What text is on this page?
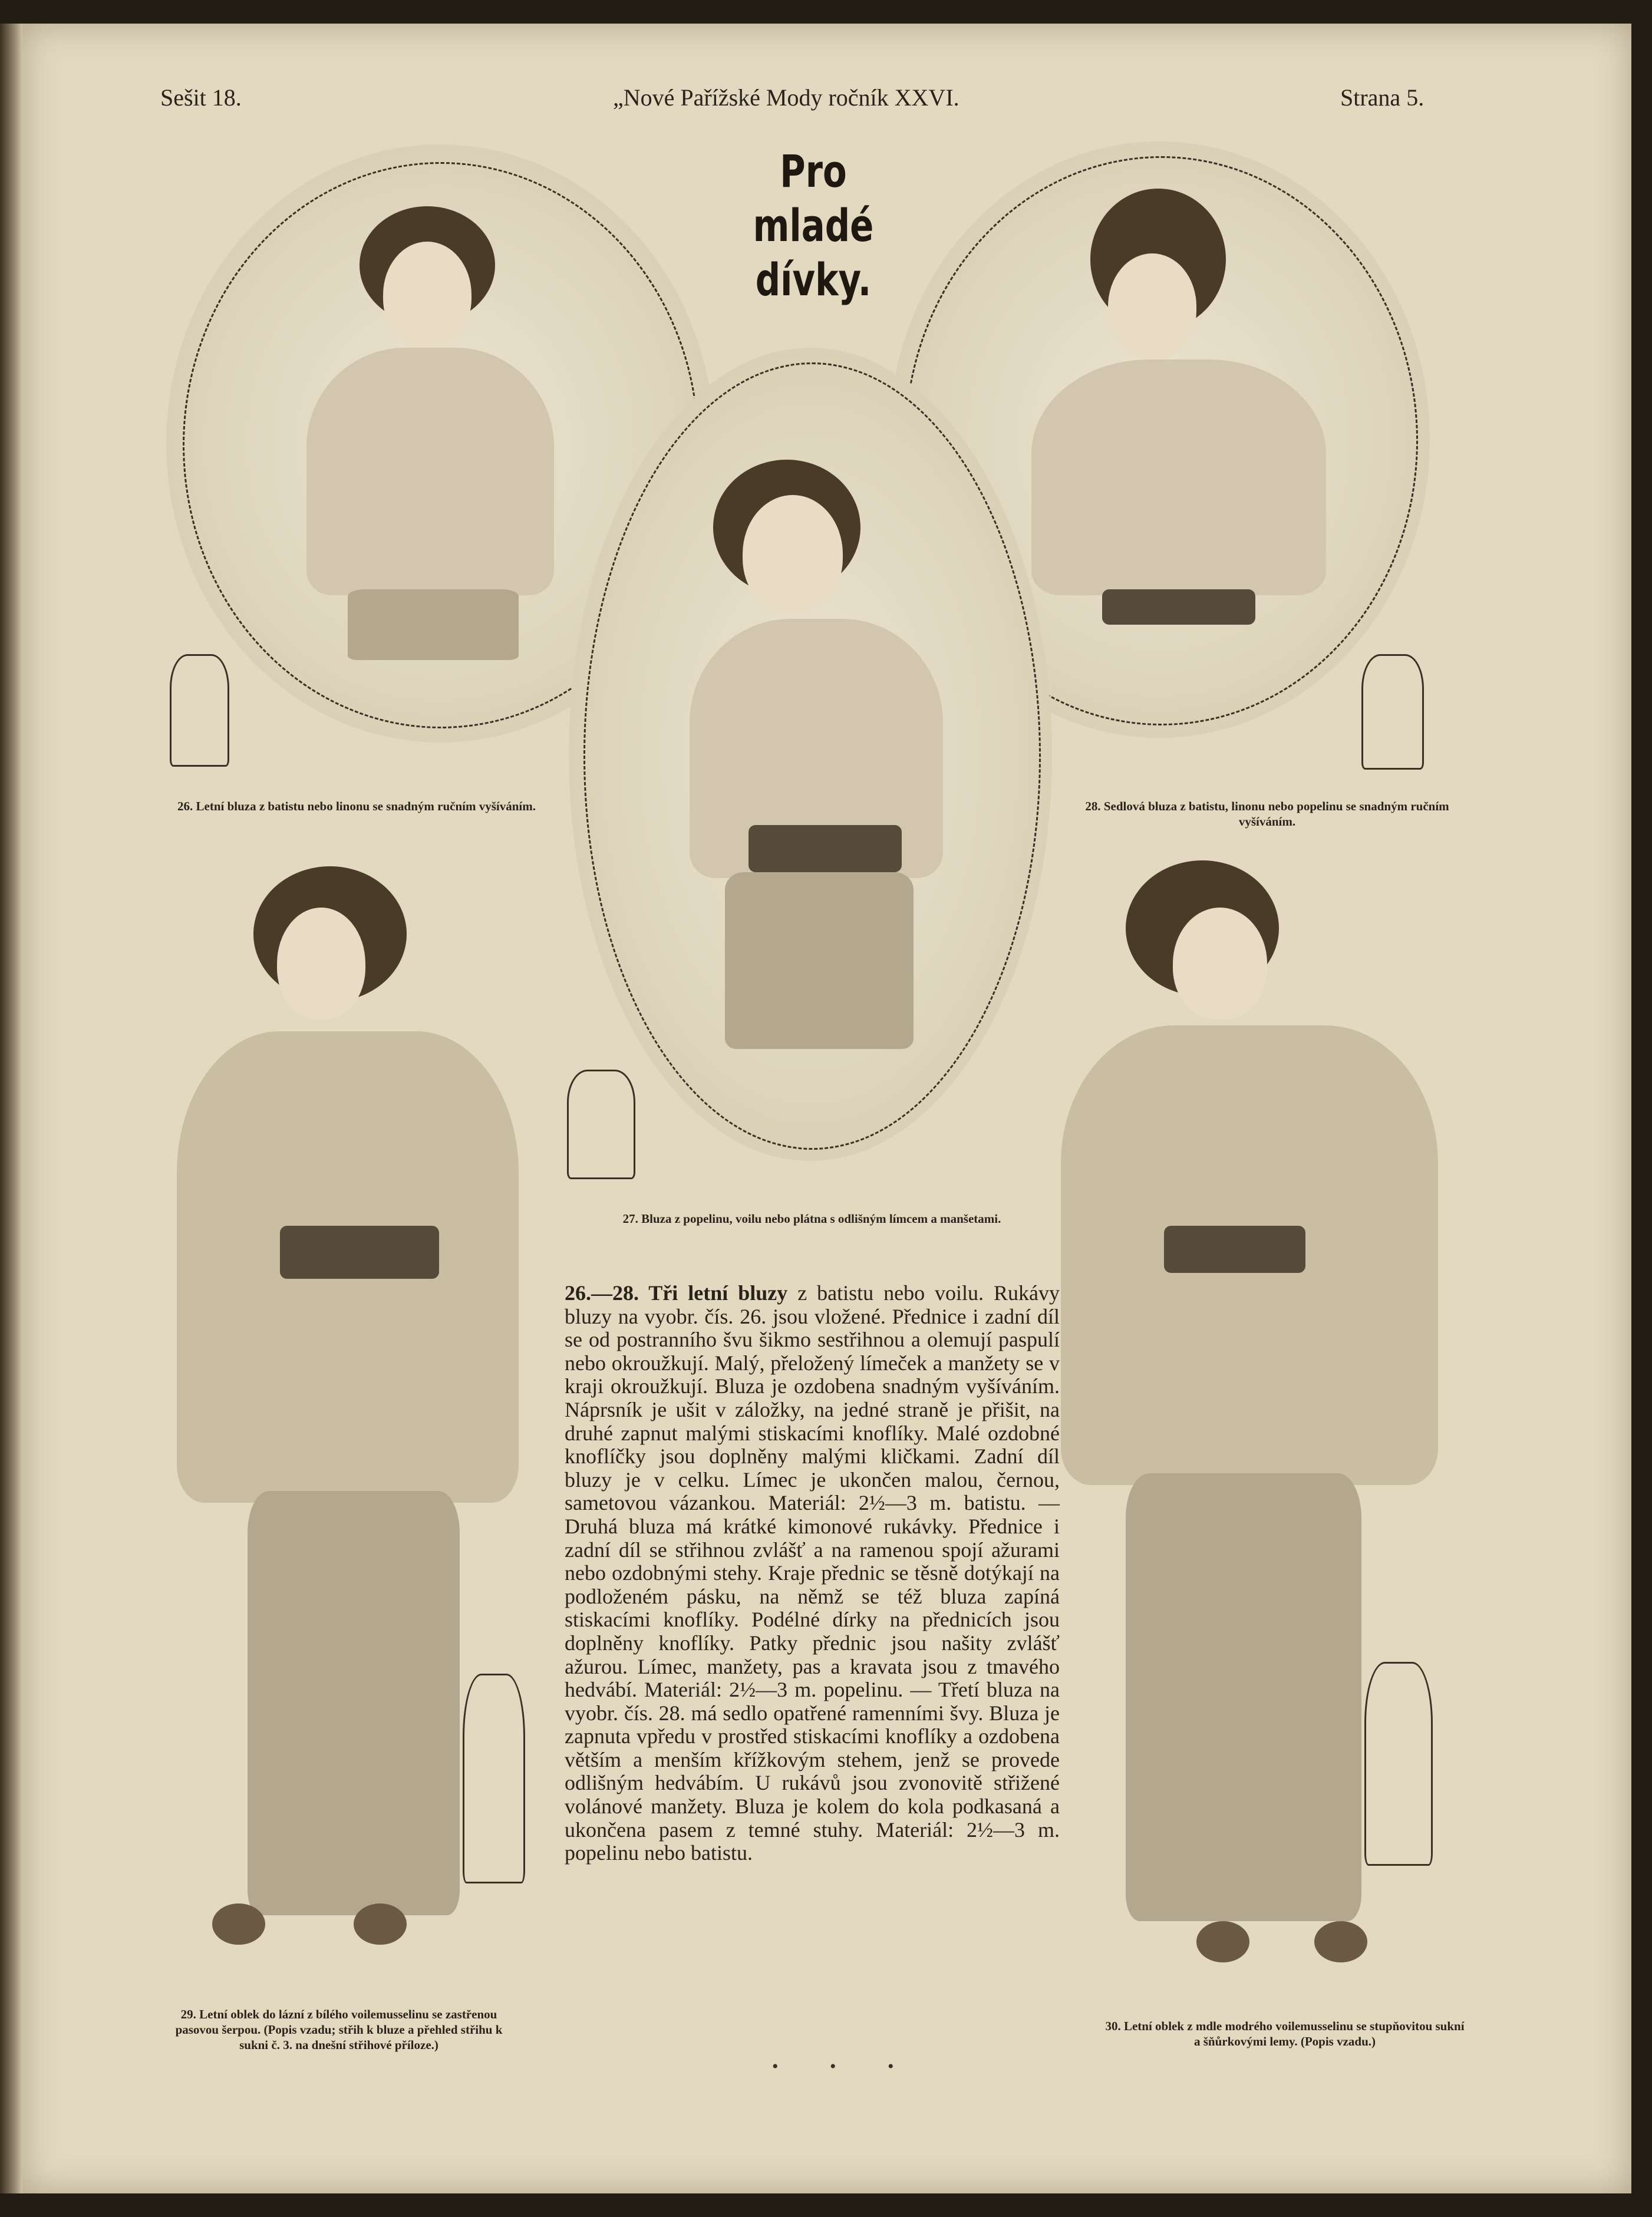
Sešit 18.	„Nové Pařížské Mody ročník XXVI.	Strana 5.

Pro mladé
dívky.

26. Letní bluza z batistu nebo linonu se snadným ručním vyšíváním.	28. Sedlová bluza z batistu, linonu nebo popelinu se snadným ručním vyšíváním.

27. Bluza z popelinu, voilu nebo plátna s odlišným límcem a manšetami.

29. Letní oblek do lázní z bílého voilemusselinu se zastřenou pasovou šerpou. (Popis vzadu; střih k bluze a přehled střihu k sukni č. 3. na dnešní střihové příloze.)

30. Letní oblek z mdle modrého voilemusselinu se stupňovitou sukní a šňůrkovými lemy. (Popis vzadu.)

26.—28. Tři letní bluzy z batistu nebo voilu. Rukávy bluzy na vyobr. čís. 26. jsou vložené. Přednice i zadní díl se od postranního švu šikmo sestřihnou a olemují paspulí nebo okroužkují. Malý, přeložený límeček a manžety se v kraji okroužkují. Bluza je ozdobena snadným vyšíváním. Náprsník je ušit v záložky, na jedné straně je přišit, na druhé zapnut malými stiskacími knoflíky. Malé ozdobné knoflíčky jsou doplněny malými kličkami. Zadní díl bluzy je v celku. Límec je ukončen malou, černou, sametovou vázankou. Materiál: 2½—3 m. batistu. — Druhá bluza má krátké kimonové rukávky. Přednice i zadní díl se střihnou zvlášť a na ramenou spojí ažurami nebo ozdobnými stehy. Kraje přednic se těsně dotýkají na podloženém pásku, na němž se též bluza zapíná stiskacími knoflíky. Podélné dírky na přednicích jsou doplněny knoflíky. Patky přednic jsou našity zvlášť ažurou. Límec, manžety, pas a kravata jsou z tmavého hedvábí. Materiál: 2½—3 m. popelinu. — Třetí bluza na vyobr. čís. 28. má sedlo opatřené ramenními švy. Bluza je zapnuta vpředu v prostřed stiskacími knoflíky a ozdobena větším a menším křížkovým stehem, jenž se provede odlišným hedvábím. U rukávů jsou zvonovitě střižené volánové manžety. Bluza je kolem do kola podkasaná a ukončena pasem z temné stuhy. Materiál: 2½—3 m. popelinu nebo batistu.

• • •
